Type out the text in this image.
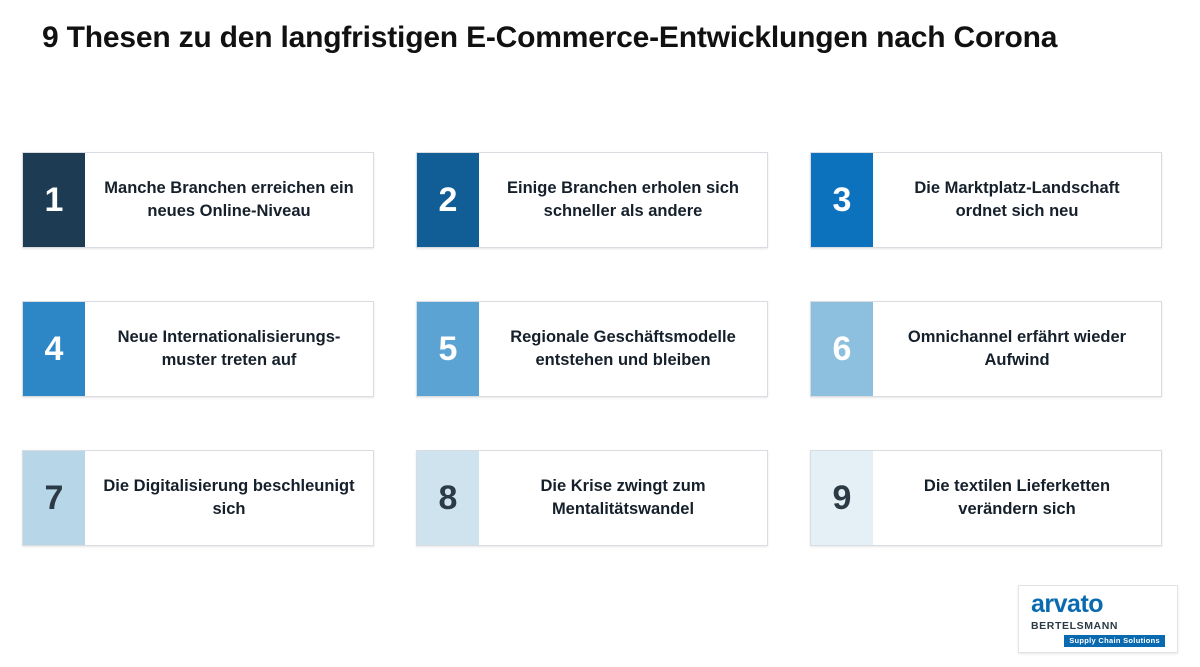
9 Thesen zu den langfristigen E-Commerce-Entwicklungen nach Corona
1	Manche Branchen erreichen ein neues Online-Niveau	2	Einige Branchen erholen sich schneller als andere	3	Die Marktplatz-Landschaft ordnet sich neu
4	Neue Internationalisierungs-muster treten auf	5	Regionale Geschäftsmodelle entstehen und bleiben	6	Omnichannel erfährt wieder Aufwind
7	Die Digitalisierung beschleunigt sich	8	Die Krise zwingt zum Mentalitätswandel	9	Die textilen Lieferketten verändern sich
arvato
BERTELSMANN
Supply Chain Solutions
